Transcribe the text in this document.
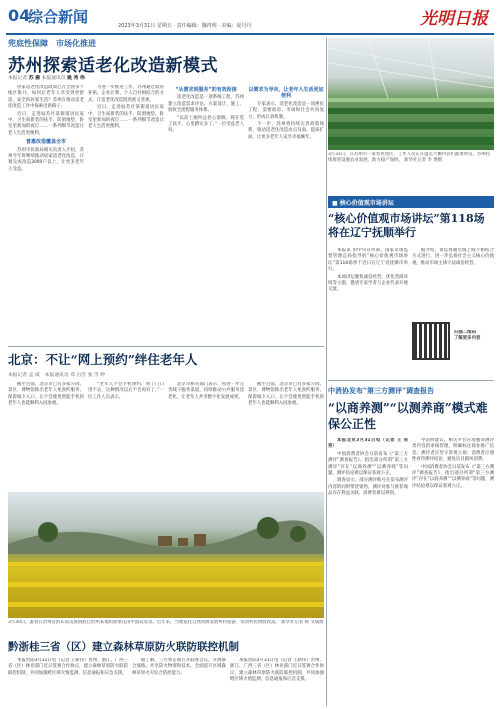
04
综合新闻	2023年3月31日 星期五 · 责任编辑：魏再明 · 美编：夏丹丹	光明日报
兜底性保障　市场化推进
苏州探索适老化改造新模式
本报记者 苏 雁 本报通讯员 姚 秀 伟

居家适老化改造政策已在全国多个地区推开，如何让老年人享受到更舒适、安全的居家生活？苏州在推动适老化改造工作中探索出新路子。

近日，走进姑苏区某街道居民家中，卫生间新装的扶手、防滑地垫，卧室里新加的夜灯……一系列细节改造让老人生活更便利。

普惠改造覆盖全市

苏州市民政局相关负责人介绍，苏州今年将继续推动居家适老化改造，计划完成改造3000户以上，让更多老年人受益。

为进一步推进工作，苏州通过政府补贴、企业让利、个人自付相结合的方式，让适老化改造既兜底又普惠。

近日，走进姑苏区某街道居民家中，卫生间新装的扶手、防滑地垫，卧室里新加的夜灯……一系列细节改造让老人生活更便利。

“从需求到服务”的有效衔接

适老化改造是一项系统工程，苏州建立改造需求评估、方案设计、施工、验收全流程服务体系。

“以前上厕所总担心滑倒，现在装了扶手，心里踏实多了。”一位受益老人说。

以需求为导向，让老年人生活更加便利

专家表示，适老化改造是一项惠民工程，需要政府、市场和社会共同发力，形成长效机制。

下一步，苏州将持续完善政策体系，推动适老化改造由点及面、提质扩面，让更多老年人安享幸福晚年。

3月31日，在苏州市一家农业园区，工作人员正在温室大棚内管护蔬菜幼苗。苏州持续推进设施农业发展，助力稳产保供。 新华社记者 李 博摄
■ 核心价值观市场讲坛
“核心价值观市场讲坛”第118场将在辽宁抚顺举行

本报讯 由中央宣传部、国家市场监督管理总局指导的“核心价值观市场讲坛”第118场将于近日在辽宁省抚顺市举行。

本场讲坛聚焦诚信经营、优化营商环境等主题，邀请专家学者与企业代表开展交流。

据介绍，讲坛将通过线上线下相结合方式进行，进一步弘扬社会主义核心价值观，推动市场主体守法诚信经营。

扫描二维码
了解更多内容
北京：不让“网上预约”绊住老年人
本报记者 孟 威　本报通讯员 邓 白雪 张 雪 婷

截至目前，北京市已有多家公园、景区、博物馆推出老年人免预约服务，保留线下入口，让不会使用智能手机的老年人也能顺利入园参观。

“老年人不会手机预约，到了门口进不去，这种情况以后不会再有了。”一位工作人员表示。

北京市相关部门表示，将进一步完善线下服务渠道，持续推动公共服务适老化，让老年人共享数字化发展成果。

截至目前，北京市已有多家公园、景区、博物馆推出老年人免预约服务，保留线下入口，让不会使用智能手机的老年人也能顺利入园参观。

3月30日，游客在贵州省黔东南苗族侗族自治州某地的油菜花田中游玩赏景。近年来，当地依托自然资源发展乡村旅游，带动村民增收致富。 新华社记者 杨 文斌摄
黔浙桂三省（区）建立森林草原防火联防联控机制

本报贵阳3月31日电（记者 王新伟）贵州、浙江、广西三省（区）林业部门近日签署合作协议，建立森林草原防火联防联控机制，共同加强跨区域火情监测、信息通报和应急支援。

据了解，三方将定期召开联席会议，开展联合演练，共享防火物资和技术，全面提升区域森林草原火灾综合防控能力。

本报贵阳3月31日电（记者 王新伟）贵州、浙江、广西三省（区）林业部门近日签署合作协议，建立森林草原防火联防联控机制，共同加强跨区域火情监测、信息通报和应急支援。

中消协发布“第三方测评”调查报告
“以商养测”“以测养商”模式难保公正性

本报北京3月31日电（记者 王 昊 男）

中国消费者协会日前发布《“第三方测评”调查报告》，指出部分所谓“第三方测评”存在“以商养测”“以测养商”等问题，测评结论难以保证客观公正。

调查显示，部分测评账号在发布测评内容的同时带货销售，测评对象与推荐商品存在利益关联，消费者难以辨别。

中消协建议，相关平台应加强对测评类内容的审核管理，明确标注商业推广信息；测评者应坚守客观立场；消费者应理性看待测评结论，避免盲目跟风消费。

中国消费者协会日前发布《“第三方测评”调查报告》，指出部分所谓“第三方测评”存在“以商养测”“以测养商”等问题，测评结论难以保证客观公正。
